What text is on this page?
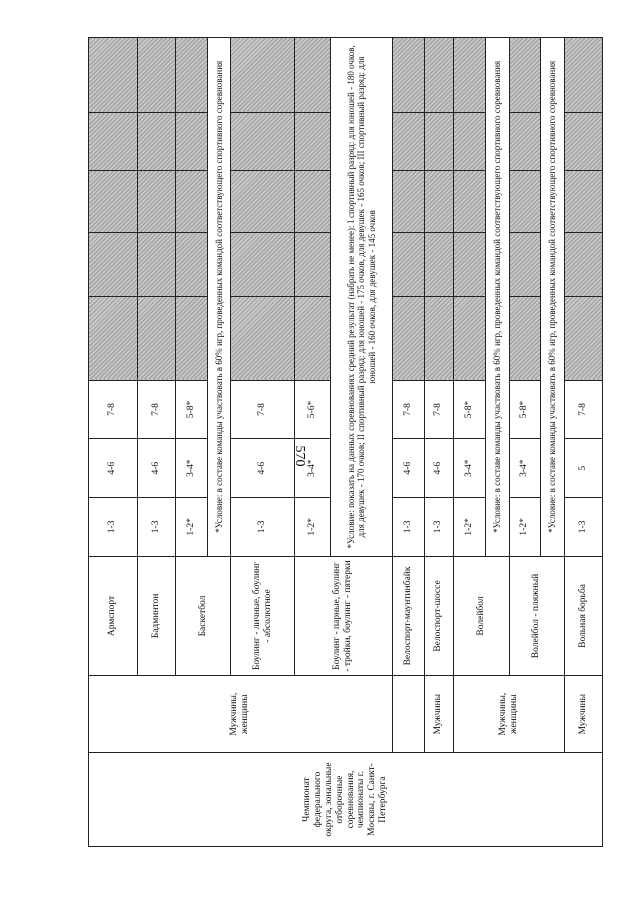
570
Чемпионат федерального округа, зональные отборочные соревнования, чемпионаты г. Москвы, г. Санкт-Петербурга	Мужчины, женщины	Армспорт	1-3	4-6	7-8					
		Бадминтон	1-3	4-6	7-8					
		Баскетбол	1-2*	3-4*	5-8*					
			*Условие: в составе команды участвовать в 60% игр, проведенных командой соответствующего спортивного соревнования							
		Боулинг - личные, боулинг - абсолютное	1-3	4-6	7-8					
		Боулинг - парные, боулинг - тройки, боулинг - пятерки	1-2*	3-4*	5-6*					
			*Условие: показать на данных соревнованиях средний результат (набрать не менее): I спортивный разряд: для юношей - 180 очков, для девушек - 170 очков; II спортивный разряд: для юношей - 175 очков, для девушек - 165 очков; III спортивный разряд: для юношей - 160 очков, для девушек - 145 очков							
		Велоспорт-маунтинбайк	1-3	4-6	7-8					
	Мужчины	Велоспорт-шоссе	1-3	4-6	7-8					
	Мужчины, женщины	Волейбол	1-2*	3-4*	5-8*					
			*Условие: в составе команды участвовать в 60% игр, проведенных командой соответствующего спортивного соревнования							
		Волейбол - пляжный	1-2*	3-4*	5-8*					
			*Условие: в составе команды участвовать в 60% игр, проведенных командой соответствующего спортивного соревнования							
	Мужчины	Вольная борьба	1-3	5	7-8					
